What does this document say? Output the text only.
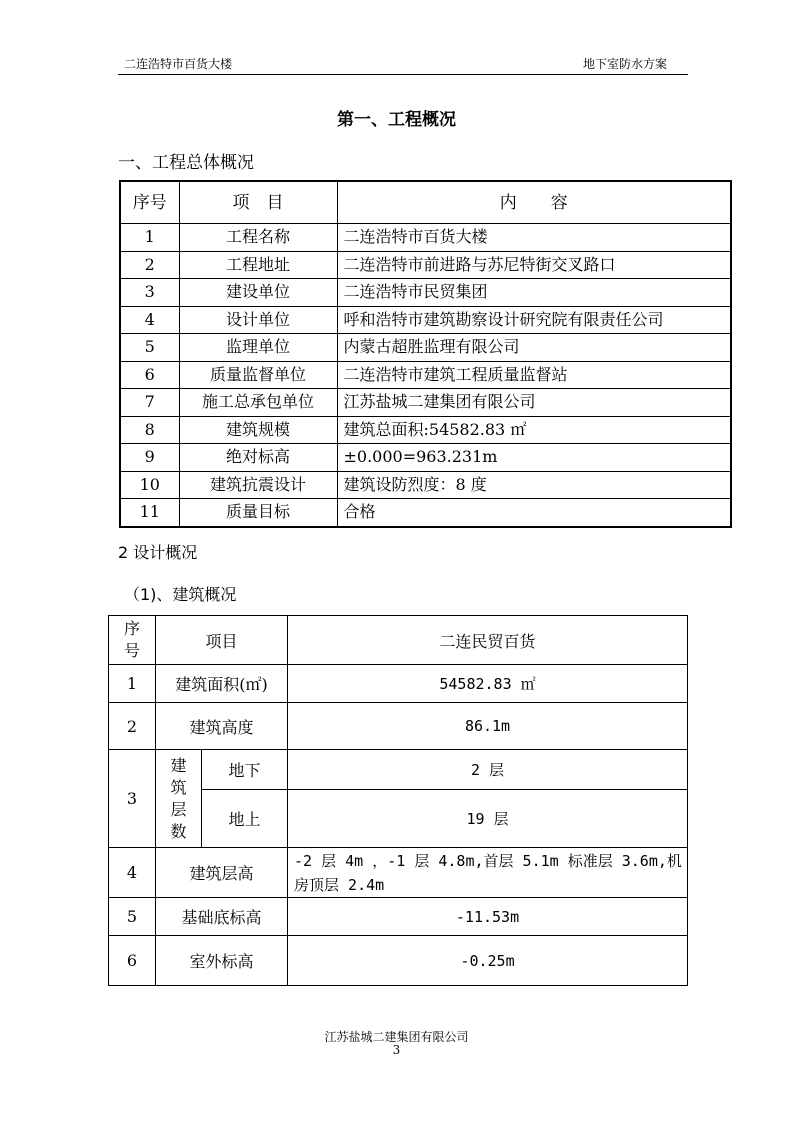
二连浩特市百货大楼	地下室防水方案
第一、工程概况
一、工程总体概况
序号	项　目	内　　容
1	工程名称	二连浩特市百货大楼
2	工程地址	二连浩特市前进路与苏尼特街交叉路口
3	建设单位	二连浩特市民贸集团
4	设计单位	呼和浩特市建筑勘察设计研究院有限责任公司
5	监理单位	内蒙古超胜监理有限公司
6	质量监督单位	二连浩特市建筑工程质量监督站
7	施工总承包单位	江苏盐城二建集团有限公司
8	建筑规模	建筑总面积:54582.83 ㎡
9	绝对标高	±0.000=963.231m
10	建筑抗震设计	建筑设防烈度：8 度
11	质量目标	合格
2 设计概况
（1)、建筑概况
序号	项目		二连民贸百货
1	建筑面积(㎡)		54582.83 ㎡
2	建筑高度		86.1m
3	建筑层数	地下	2 层
		地上	19 层
4	建筑层高		-2 层 4m ，-1 层 4.8m,首层 5.1m 标准层 3.6m,机房顶层 2.4m
5	基础底标高		-11.53m
6	室外标高		-0.25m
江苏盐城二建集团有限公司
3
